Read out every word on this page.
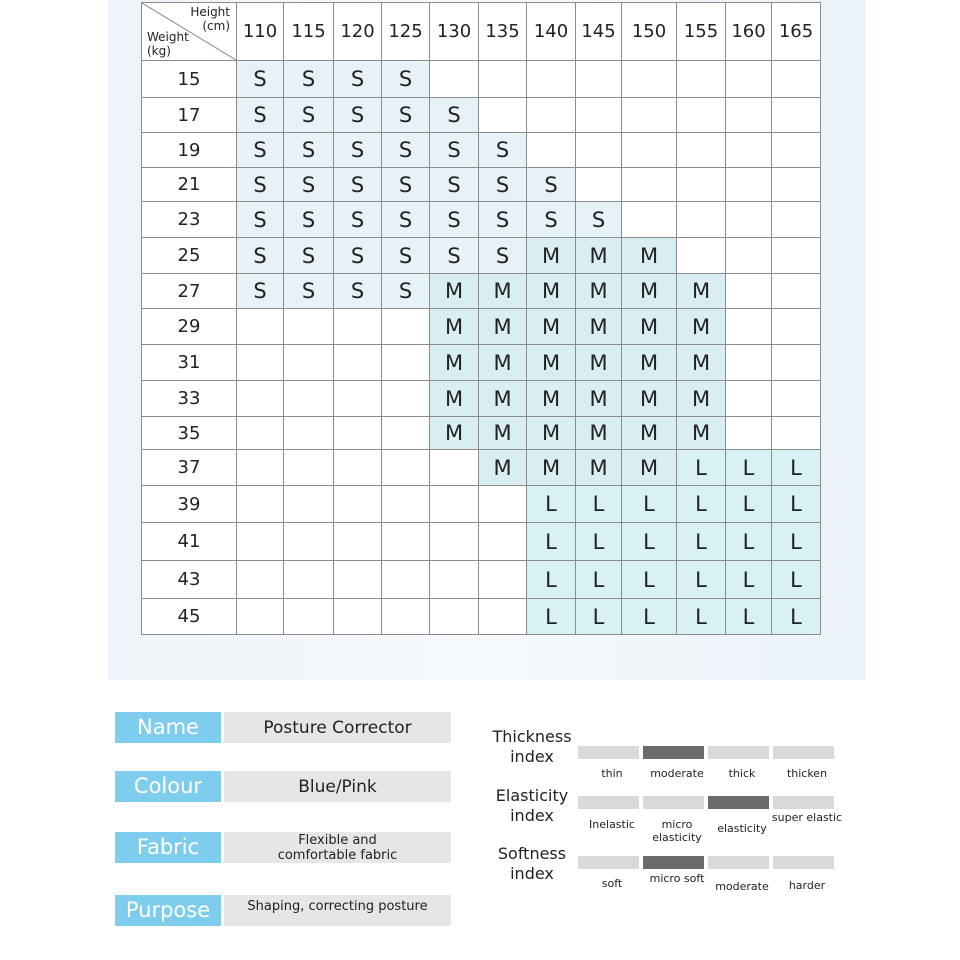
Height
(cm)
Weight
(kg)	110	115	120	125	130	135	140	145	150	155	160	165
15	S	S	S	S								
17	S	S	S	S	S							
19	S	S	S	S	S	S						
21	S	S	S	S	S	S	S					
23	S	S	S	S	S	S	S	S				
25	S	S	S	S	S	S	M	M	M			
27	S	S	S	S	M	M	M	M	M	M		
29					M	M	M	M	M	M		
31					M	M	M	M	M	M		
33					M	M	M	M	M	M		
35					M	M	M	M	M	M		
37						M	M	M	M	L	L	L
39							L	L	L	L	L	L
41							L	L	L	L	L	L
43							L	L	L	L	L	L
45							L	L	L	L	L	L
Name	Posture Corrector
Colour	Blue/Pink
Fabric	Flexible and comfortable fabric
Purpose	Shaping, correcting posture
Thickness
index
thin	moderate	thick	thicken
Elasticity
index	Inelastic	micro elasticity
elasticity
super elastic
Softness
index
soft	micro soft
moderate	harder
